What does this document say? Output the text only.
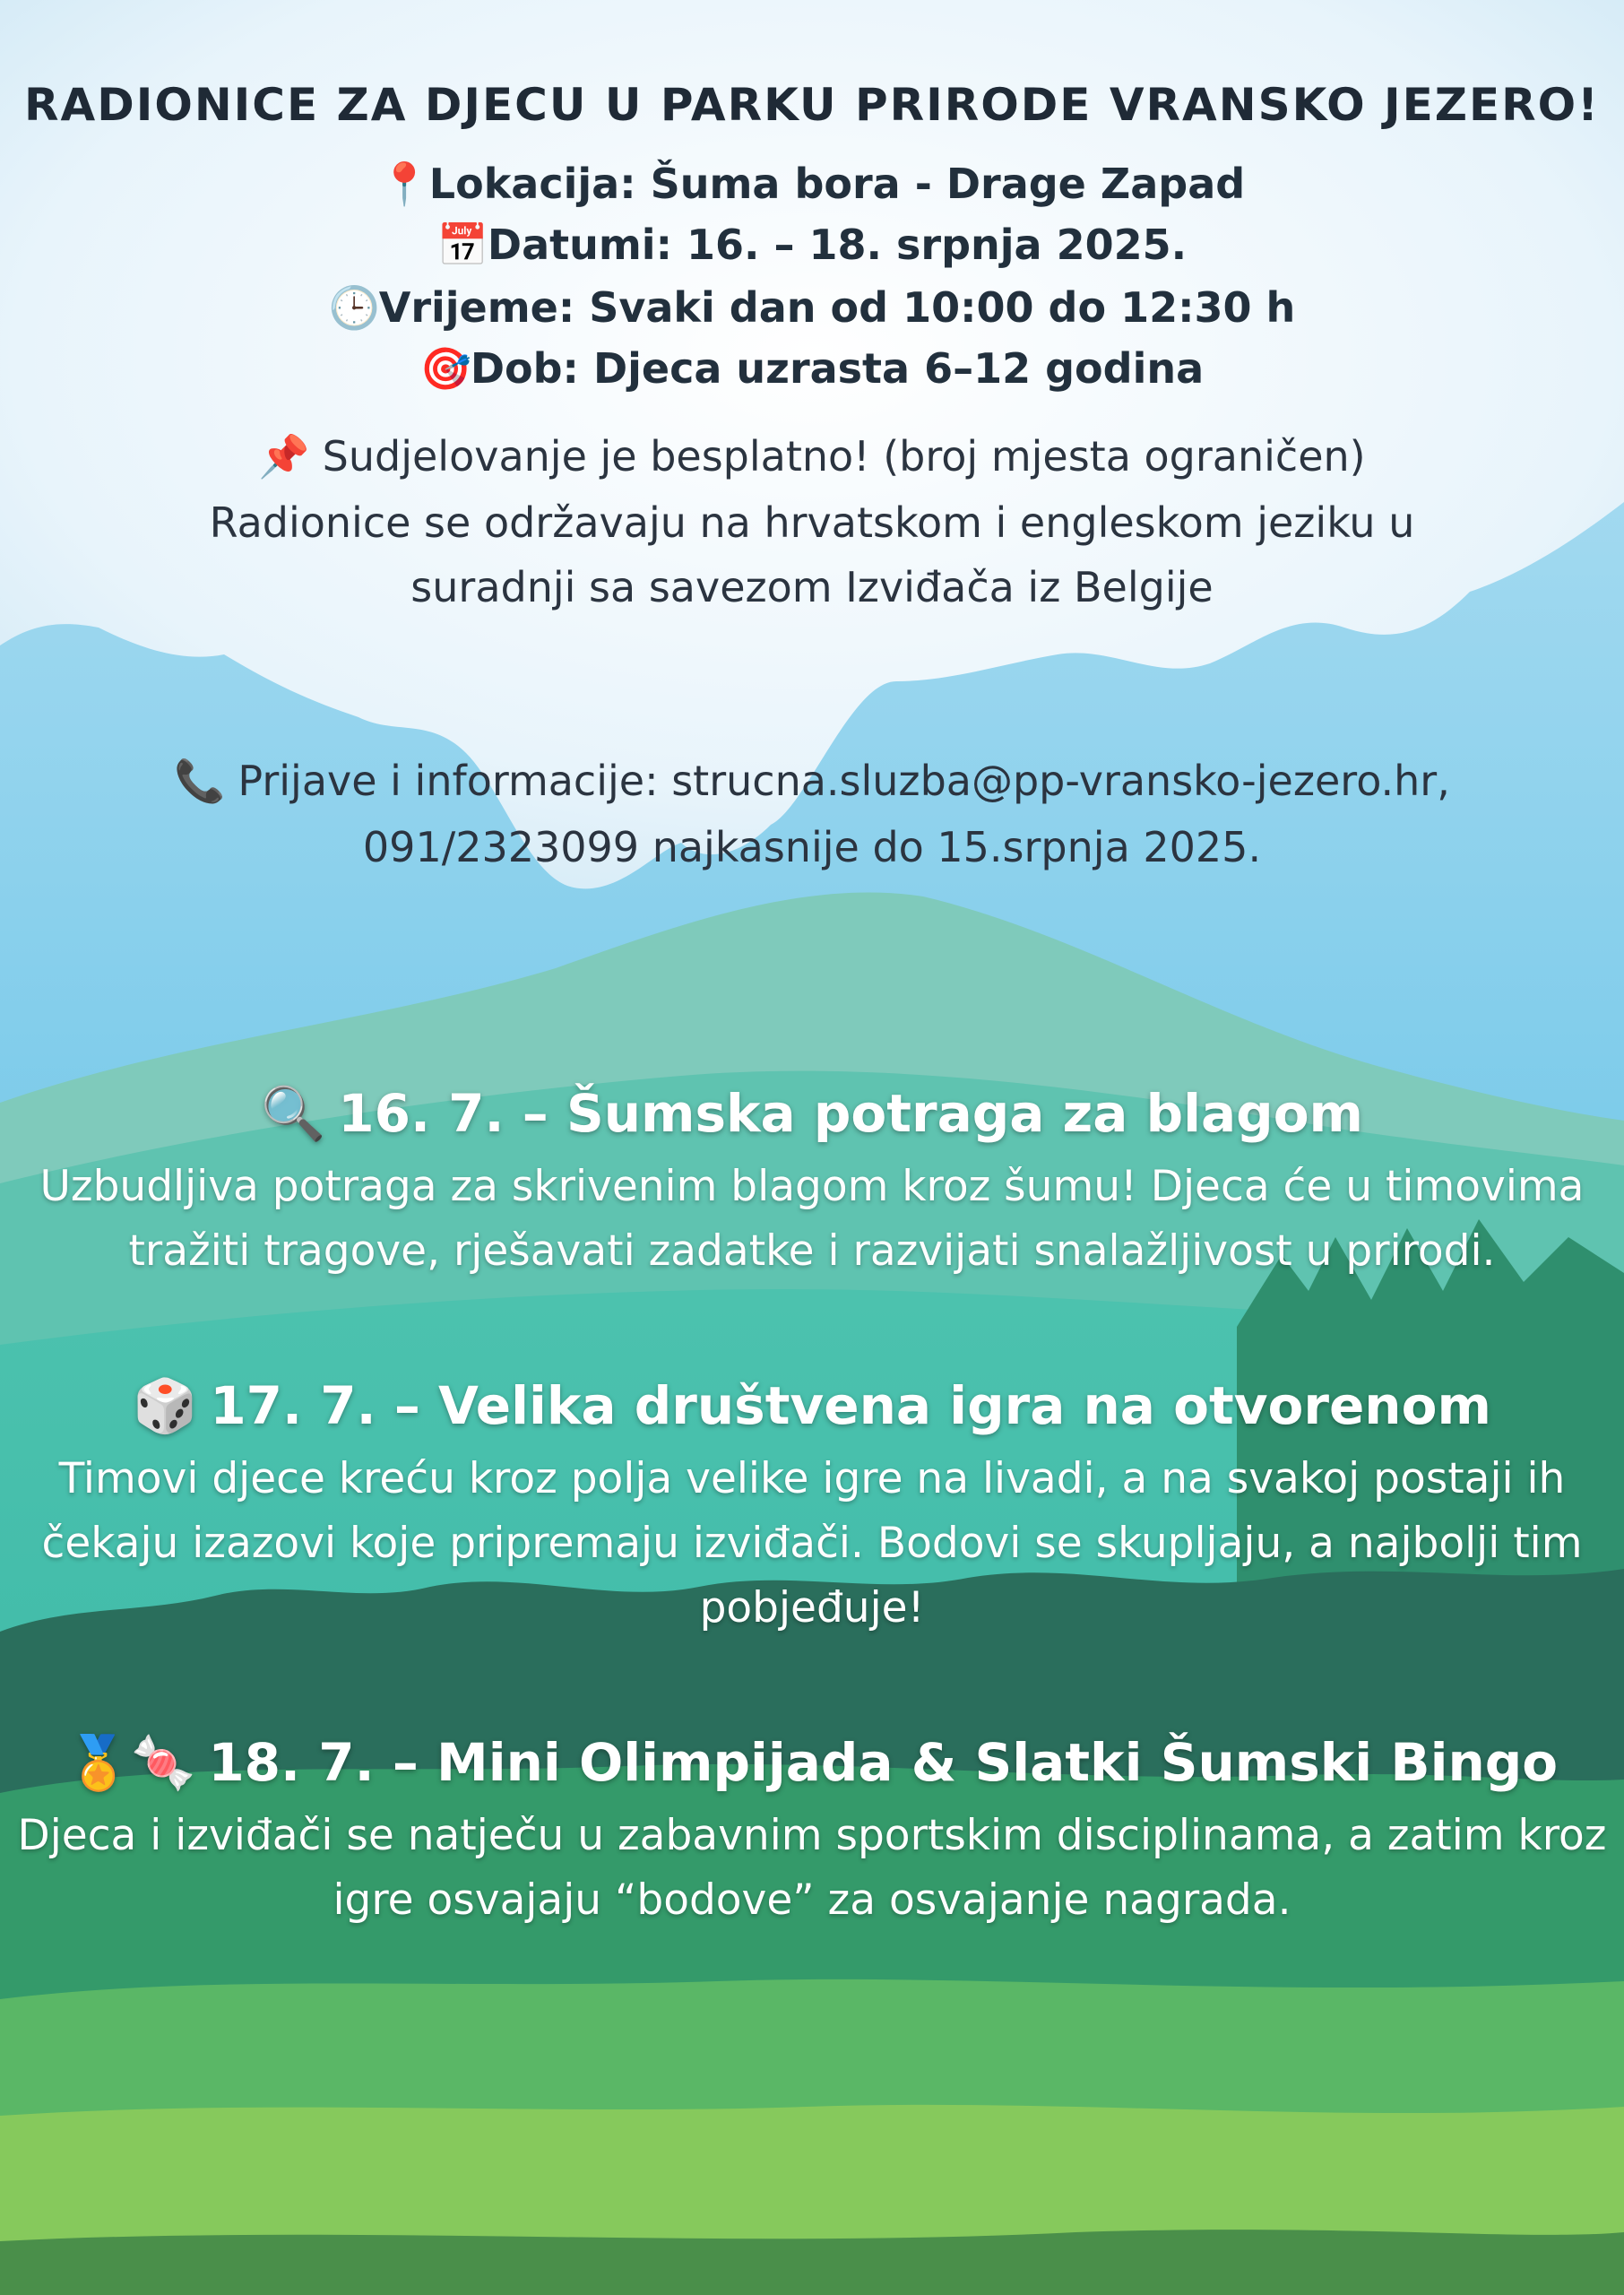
RADIONICE ZA DJECU U PARKU PRIRODE VRANSKO JEZERO!
📍Lokacija: Šuma bora - Drage Zapad
📅Datumi: 16. – 18. srpnja 2025.
🕒Vrijeme: Svaki dan od 10:00 do 12:30 h
🎯Dob: Djeca uzrasta 6–12 godina
📌 Sudjelovanje je besplatno! (broj mjesta ograničen)
Radionice se održavaju na hrvatskom i engleskom jeziku u
suradnji sa savezom Izviđača iz Belgije
📞 Prijave i informacije: strucna.sluzba@pp-vransko-jezero.hr,
091/2323099 najkasnije do 15.srpnja 2025.
🔍 16. 7. – Šumska potraga za blagom
Uzbudljiva potraga za skrivenim blagom kroz šumu! Djeca će u timovima
tražiti tragove, rješavati zadatke i razvijati snalažljivost u prirodi.
🎲 17. 7. – Velika društvena igra na otvorenom
Timovi djece kreću kroz polja velike igre na livadi, a na svakoj postaji ih
čekaju izazovi koje pripremaju izviđači. Bodovi se skupljaju, a najbolji tim
pobjeđuje!
🏅🍬 18. 7. – Mini Olimpijada & Slatki Šumski Bingo
Djeca i izviđači se natječu u zabavnim sportskim disciplinama, a zatim kroz
igre osvajaju “bodove” za osvajanje nagrada.
